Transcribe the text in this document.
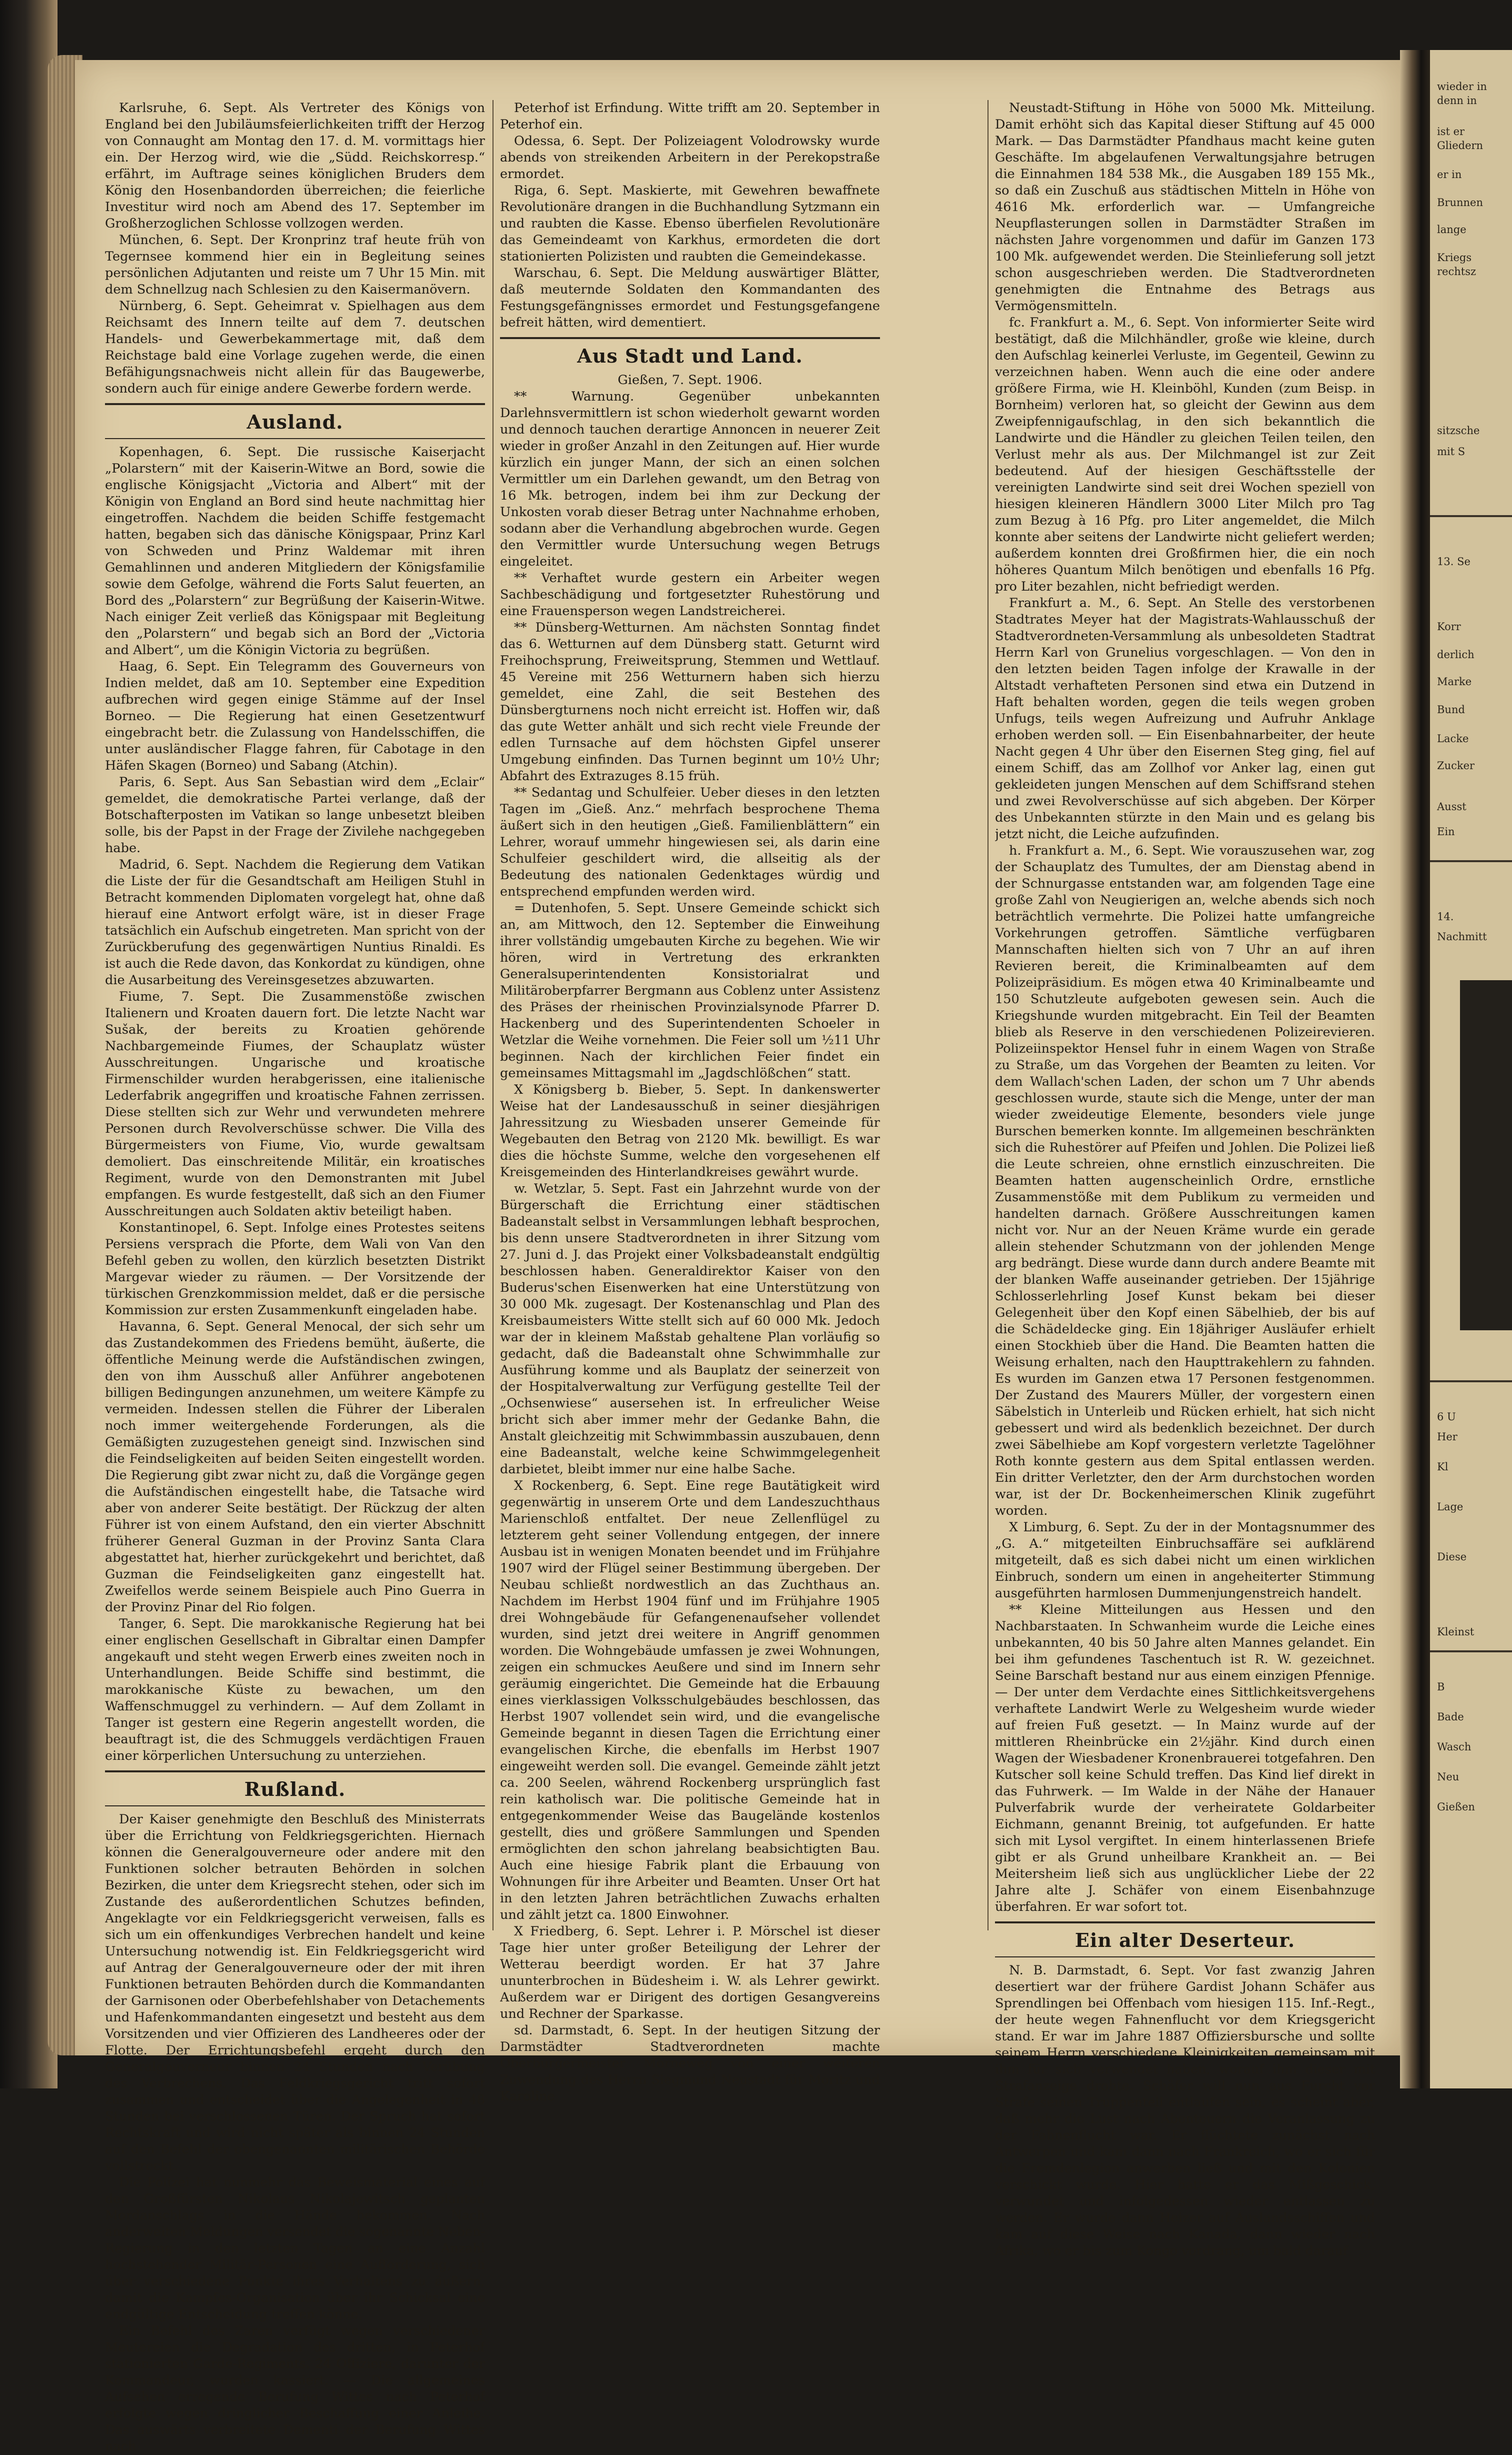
Karlsruhe, 6. Sept. Als Vertreter des Königs von England bei den Jubiläumsfeierlichkeiten trifft der Herzog von Connaught am Montag den 17. d. M. vormittags hier ein. Der Herzog wird, wie die „Südd. Reichskorresp.“ erfährt, im Auftrage seines königlichen Bruders dem König den Hosenbandorden überreichen; die feierliche Investitur wird noch am Abend des 17. September im Großherzoglichen Schlosse vollzogen werden.

München, 6. Sept. Der Kronprinz traf heute früh von Tegernsee kommend hier ein in Begleitung seines persönlichen Adjutanten und reiste um 7 Uhr 15 Min. mit dem Schnellzug nach Schlesien zu den Kaisermanövern.

Nürnberg, 6. Sept. Geheimrat v. Spielhagen aus dem Reichsamt des Innern teilte auf dem 7. deutschen Handels- und Gewerbekammertage mit, daß dem Reichstage bald eine Vorlage zugehen werde, die einen Befähigungsnachweis nicht allein für das Baugewerbe, sondern auch für einige andere Gewerbe fordern werde.

Ausland.

Kopenhagen, 6. Sept. Die russische Kaiserjacht „Polarstern“ mit der Kaiserin-Witwe an Bord, sowie die englische Königsjacht „Victoria and Albert“ mit der Königin von England an Bord sind heute nachmittag hier eingetroffen. Nachdem die beiden Schiffe festgemacht hatten, begaben sich das dänische Königspaar, Prinz Karl von Schweden und Prinz Waldemar mit ihren Gemahlinnen und anderen Mitgliedern der Königsfamilie sowie dem Gefolge, während die Forts Salut feuerten, an Bord des „Polarstern“ zur Begrüßung der Kaiserin-Witwe. Nach einiger Zeit verließ das Königspaar mit Begleitung den „Polarstern“ und begab sich an Bord der „Victoria and Albert“, um die Königin Victoria zu begrüßen.

Haag, 6. Sept. Ein Telegramm des Gouverneurs von Indien meldet, daß am 10. September eine Expedition aufbrechen wird gegen einige Stämme auf der Insel Borneo. — Die Regierung hat einen Gesetzentwurf eingebracht betr. die Zulassung von Handelsschiffen, die unter ausländischer Flagge fahren, für Cabotage in den Häfen Skagen (Borneo) und Sabang (Atchin).

Paris, 6. Sept. Aus San Sebastian wird dem „Eclair“ gemeldet, die demokratische Partei verlange, daß der Botschafterposten im Vatikan so lange unbesetzt bleiben solle, bis der Papst in der Frage der Zivilehe nachgegeben habe.

Madrid, 6. Sept. Nachdem die Regierung dem Vatikan die Liste der für die Gesandtschaft am Heiligen Stuhl in Betracht kommenden Diplomaten vorgelegt hat, ohne daß hierauf eine Antwort erfolgt wäre, ist in dieser Frage tatsächlich ein Aufschub eingetreten. Man spricht von der Zurückberufung des gegenwärtigen Nuntius Rinaldi. Es ist auch die Rede davon, das Konkordat zu kündigen, ohne die Ausarbeitung des Vereinsgesetzes abzuwarten.

Fiume, 7. Sept. Die Zusammenstöße zwischen Italienern und Kroaten dauern fort. Die letzte Nacht war Sušak, der bereits zu Kroatien gehörende Nachbargemeinde Fiumes, der Schauplatz wüster Ausschreitungen. Ungarische und kroatische Firmenschilder wurden herabgerissen, eine italienische Lederfabrik angegriffen und kroatische Fahnen zerrissen. Diese stellten sich zur Wehr und verwundeten mehrere Personen durch Revolverschüsse schwer. Die Villa des Bürgermeisters von Fiume, Vio, wurde gewaltsam demoliert. Das einschreitende Militär, ein kroatisches Regiment, wurde von den Demonstranten mit Jubel empfangen. Es wurde festgestellt, daß sich an den Fiumer Ausschreitungen auch Soldaten aktiv beteiligt haben.

Konstantinopel, 6. Sept. Infolge eines Protestes seitens Persiens versprach die Pforte, dem Wali von Van den Befehl geben zu wollen, den kürzlich besetzten Distrikt Margevar wieder zu räumen. — Der Vorsitzende der türkischen Grenzkommission meldet, daß er die persische Kommission zur ersten Zusammenkunft eingeladen habe.

Havanna, 6. Sept. General Menocal, der sich sehr um das Zustandekommen des Friedens bemüht, äußerte, die öffentliche Meinung werde die Aufständischen zwingen, den von ihm Ausschuß aller Anführer angebotenen billigen Bedingungen anzunehmen, um weitere Kämpfe zu vermeiden. Indessen stellen die Führer der Liberalen noch immer weitergehende Forderungen, als die Gemäßigten zuzugestehen geneigt sind. Inzwischen sind die Feindseligkeiten auf beiden Seiten eingestellt worden. Die Regierung gibt zwar nicht zu, daß die Vorgänge gegen die Aufständischen eingestellt habe, die Tatsache wird aber von anderer Seite bestätigt. Der Rückzug der alten Führer ist von einem Aufstand, den ein vierter Abschnitt früherer General Guzman in der Provinz Santa Clara abgestattet hat, hierher zurückgekehrt und berichtet, daß Guzman die Feindseligkeiten ganz eingestellt hat. Zweifellos werde seinem Beispiele auch Pino Guerra in der Provinz Pinar del Rio folgen.

Tanger, 6. Sept. Die marokkanische Regierung hat bei einer englischen Gesellschaft in Gibraltar einen Dampfer angekauft und steht wegen Erwerb eines zweiten noch in Unterhandlungen. Beide Schiffe sind bestimmt, die marokkanische Küste zu bewachen, um den Waffenschmuggel zu verhindern. — Auf dem Zollamt in Tanger ist gestern eine Regerin angestellt worden, die beauftragt ist, die des Schmuggels verdächtigen Frauen einer körperlichen Untersuchung zu unterziehen.

Rußland.

Der Kaiser genehmigte den Beschluß des Ministerrats über die Errichtung von Feldkriegsgerichten. Hiernach können die Generalgouverneure oder andere mit den Funktionen solcher betrauten Behörden in solchen Bezirken, die unter dem Kriegsrecht stehen, oder sich im Zustande des außerordentlichen Schutzes befinden, Angeklagte vor ein Feldkriegsgericht verweisen, falls es sich um ein offenkundiges Verbrechen handelt und keine Untersuchung notwendig ist. Ein Feldkriegsgericht wird auf Antrag der Generalgouverneure oder der mit ihren Funktionen betrauten Behörden durch die Kommandanten der Garnisonen oder Oberbefehlshaber von Detachements und Hafenkommandanten eingesetzt und besteht aus dem Vorsitzenden und vier Offizieren des Landheeres oder der Flotte. Der Errichtungsbefehl ergeht durch den Generalgouverneur binnen 24 Stunden nach Verübung des Verbrechens. Das Feldkriegsgericht tritt sofort zusammen und entscheidet über die Angelegenheit in 48 Stunden bei verschlossenen Türen. Der Spruch hat sofort Rechtskraft und wird nicht später als binnen 24 Stunden auf den Befehl der obengenannten militärischen Behörde vollstreckt.

Die Polizei hat nunmehr das Beweismaterial eines auf den Großfürsten Nikolaus Nikolajewitsch geplanten Mordanschlags in die Hände bekommen. Nach anderweiten Meldungen versendet die sogenannte Neben-Regierung in den letzten Tagen an eine Anzahl hochstehender Militär-Personen eine Aufforderung, sich über verschiedene Punkte ihres Verhaltens zu äußern, damit die Kampfes-Organisation über ihr Schicksal eine endgültige Entscheidung treffen könne.

Ein Befehl des Zaren verfügt wegen verschiedener Meutereien die Degradation des dritten, in Peterhof stationierten Garde-Regiments. 24 Offiziere, darunter der Kommandeur, wurden kassiert. — Die allgemeines Aufsehen erregende Berufung Wittes nach Peterhof erfolgte wegen dringlicher Beschaffung einer Anleihe. Das auswärts verbreitete Dementi der Berufung Wittes nach

Peterhof ist Erfindung. Witte trifft am 20. September in Peterhof ein.

Odessa, 6. Sept. Der Polizeiagent Volodrowsky wurde abends von streikenden Arbeitern in der Perekopstraße ermordet.

Riga, 6. Sept. Maskierte, mit Gewehren bewaffnete Revolutionäre drangen in die Buchhandlung Sytzmann ein und raubten die Kasse. Ebenso überfielen Revolutionäre das Gemeindeamt von Karkhus, ermordeten die dort stationierten Polizisten und raubten die Gemeindekasse.

Warschau, 6. Sept. Die Meldung auswärtiger Blätter, daß meuternde Soldaten den Kommandanten des Festungsgefängnisses ermordet und Festungsgefangene befreit hätten, wird dementiert.

Aus Stadt und Land.
Gießen, 7. Sept. 1906.

** Warnung. Gegenüber unbekannten Darlehnsvermittlern ist schon wiederholt gewarnt worden und dennoch tauchen derartige Annoncen in neuerer Zeit wieder in großer Anzahl in den Zeitungen auf. Hier wurde kürzlich ein junger Mann, der sich an einen solchen Vermittler um ein Darlehen gewandt, um den Betrag von 16 Mk. betrogen, indem bei ihm zur Deckung der Unkosten vorab dieser Betrag unter Nachnahme erhoben, sodann aber die Verhandlung abgebrochen wurde. Gegen den Vermittler wurde Untersuchung wegen Betrugs eingeleitet.

** Verhaftet wurde gestern ein Arbeiter wegen Sachbeschädigung und fortgesetzter Ruhestörung und eine Frauensperson wegen Landstreicherei.

** Dünsberg-Wetturnen. Am nächsten Sonntag findet das 6. Wetturnen auf dem Dünsberg statt. Geturnt wird Freihochsprung, Freiweitsprung, Stemmen und Wettlauf. 45 Vereine mit 256 Wetturnern haben sich hierzu gemeldet, eine Zahl, die seit Bestehen des Dünsbergturnens noch nicht erreicht ist. Hoffen wir, daß das gute Wetter anhält und sich recht viele Freunde der edlen Turnsache auf dem höchsten Gipfel unserer Umgebung einfinden. Das Turnen beginnt um 10½ Uhr; Abfahrt des Extrazuges 8.15 früh.

** Sedantag und Schulfeier. Ueber dieses in den letzten Tagen im „Gieß. Anz.“ mehrfach besprochene Thema äußert sich in den heutigen „Gieß. Familienblättern“ ein Lehrer, worauf ummehr hingewiesen sei, als darin eine Schulfeier geschildert wird, die allseitig als der Bedeutung des nationalen Gedenktages würdig und entsprechend empfunden werden wird.

= Dutenhofen, 5. Sept. Unsere Gemeinde schickt sich an, am Mittwoch, den 12. September die Einweihung ihrer vollständig umgebauten Kirche zu begehen. Wie wir hören, wird in Vertretung des erkrankten Generalsuperintendenten Konsistorialrat und Militäroberpfarrer Bergmann aus Coblenz unter Assistenz des Präses der rheinischen Provinzialsynode Pfarrer D. Hackenberg und des Superintendenten Schoeler in Wetzlar die Weihe vornehmen. Die Feier soll um ½11 Uhr beginnen. Nach der kirchlichen Feier findet ein gemeinsames Mittagsmahl im „Jagdschlößchen“ statt.

X Königsberg b. Bieber, 5. Sept. In dankenswerter Weise hat der Landesausschuß in seiner diesjährigen Jahressitzung zu Wiesbaden unserer Gemeinde für Wegebauten den Betrag von 2120 Mk. bewilligt. Es war dies die höchste Summe, welche den vorgesehenen elf Kreisgemeinden des Hinterlandkreises gewährt wurde.

w. Wetzlar, 5. Sept. Fast ein Jahrzehnt wurde von der Bürgerschaft die Errichtung einer städtischen Badeanstalt selbst in Versammlungen lebhaft besprochen, bis denn unsere Stadtverordneten in ihrer Sitzung vom 27. Juni d. J. das Projekt einer Volksbadeanstalt endgültig beschlossen haben. Generaldirektor Kaiser von den Buderus'schen Eisenwerken hat eine Unterstützung von 30 000 Mk. zugesagt. Der Kostenanschlag und Plan des Kreisbaumeisters Witte stellt sich auf 60 000 Mk. Jedoch war der in kleinem Maßstab gehaltene Plan vorläufig so gedacht, daß die Badeanstalt ohne Schwimmhalle zur Ausführung komme und als Bauplatz der seinerzeit von der Hospitalverwaltung zur Verfügung gestellte Teil der „Ochsenwiese“ ausersehen ist. In erfreulicher Weise bricht sich aber immer mehr der Gedanke Bahn, die Anstalt gleichzeitig mit Schwimmbassin auszubauen, denn eine Badeanstalt, welche keine Schwimmgelegenheit darbietet, bleibt immer nur eine halbe Sache.

X Rockenberg, 6. Sept. Eine rege Bautätigkeit wird gegenwärtig in unserem Orte und dem Landeszuchthaus Marienschloß entfaltet. Der neue Zellenflügel zu letzterem geht seiner Vollendung entgegen, der innere Ausbau ist in wenigen Monaten beendet und im Frühjahre 1907 wird der Flügel seiner Bestimmung übergeben. Der Neubau schließt nordwestlich an das Zuchthaus an. Nachdem im Herbst 1904 fünf und im Frühjahre 1905 drei Wohngebäude für Gefangenenaufseher vollendet wurden, sind jetzt drei weitere in Angriff genommen worden. Die Wohngebäude umfassen je zwei Wohnungen, zeigen ein schmuckes Aeußere und sind im Innern sehr geräumig eingerichtet. Die Gemeinde hat die Erbauung eines vierklassigen Volksschulgebäudes beschlossen, das Herbst 1907 vollendet sein wird, und die evangelische Gemeinde begannt in diesen Tagen die Errichtung einer evangelischen Kirche, die ebenfalls im Herbst 1907 eingeweiht werden soll. Die evangel. Gemeinde zählt jetzt ca. 200 Seelen, während Rockenberg ursprünglich fast rein katholisch war. Die politische Gemeinde hat in entgegenkommender Weise das Baugelände kostenlos gestellt, dies und größere Sammlungen und Spenden ermöglichten den schon jahrelang beabsichtigten Bau. Auch eine hiesige Fabrik plant die Erbauung von Wohnungen für ihre Arbeiter und Beamten. Unser Ort hat in den letzten Jahren beträchtlichen Zuwachs erhalten und zählt jetzt ca. 1800 Einwohner.

X Friedberg, 6. Sept. Lehrer i. P. Mörschel ist dieser Tage hier unter großer Beteiligung der Lehrer der Wetterau beerdigt worden. Er hat 37 Jahre ununterbrochen in Büdesheim i. W. als Lehrer gewirkt. Außerdem war er Dirigent des dortigen Gesangvereins und Rechner der Sparkasse.

sd. Darmstadt, 6. Sept. In der heutigen Sitzung der Darmstädter Stadtverordneten machte Oberbürgermeister Morneweg von einer weiteren Zuwendung des Herrn Siegmund Neustadt für Moritz und Karoline

Neustadt-Stiftung in Höhe von 5000 Mk. Mitteilung. Damit erhöht sich das Kapital dieser Stiftung auf 45 000 Mark. — Das Darmstädter Pfandhaus macht keine guten Geschäfte. Im abgelaufenen Verwaltungsjahre betrugen die Einnahmen 184 538 Mk., die Ausgaben 189 155 Mk., so daß ein Zuschuß aus städtischen Mitteln in Höhe von 4616 Mk. erforderlich war. — Umfangreiche Neupflasterungen sollen in Darmstädter Straßen im nächsten Jahre vorgenommen und dafür im Ganzen 173 100 Mk. aufgewendet werden. Die Steinlieferung soll jetzt schon ausgeschrieben werden. Die Stadtverordneten genehmigten die Entnahme des Betrags aus Vermögensmitteln.

fc. Frankfurt a. M., 6. Sept. Von informierter Seite wird bestätigt, daß die Milchhändler, große wie kleine, durch den Aufschlag keinerlei Verluste, im Gegenteil, Gewinn zu verzeichnen haben. Wenn auch die eine oder andere größere Firma, wie H. Kleinböhl, Kunden (zum Beisp. in Bornheim) verloren hat, so gleicht der Gewinn aus dem Zweipfennigaufschlag, in den sich bekanntlich die Landwirte und die Händler zu gleichen Teilen teilen, den Verlust mehr als aus. Der Milchmangel ist zur Zeit bedeutend. Auf der hiesigen Geschäftsstelle der vereinigten Landwirte sind seit drei Wochen speziell von hiesigen kleineren Händlern 3000 Liter Milch pro Tag zum Bezug à 16 Pfg. pro Liter angemeldet, die Milch konnte aber seitens der Landwirte nicht geliefert werden; außerdem konnten drei Großfirmen hier, die ein noch höheres Quantum Milch benötigen und ebenfalls 16 Pfg. pro Liter bezahlen, nicht befriedigt werden.

Frankfurt a. M., 6. Sept. An Stelle des verstorbenen Stadtrates Meyer hat der Magistrats-Wahlausschuß der Stadtverordneten-Versammlung als unbesoldeten Stadtrat Herrn Karl von Grunelius vorgeschlagen. — Von den in den letzten beiden Tagen infolge der Krawalle in der Altstadt verhafteten Personen sind etwa ein Dutzend in Haft behalten worden, gegen die teils wegen groben Unfugs, teils wegen Aufreizung und Aufruhr Anklage erhoben werden soll. — Ein Eisenbahnarbeiter, der heute Nacht gegen 4 Uhr über den Eisernen Steg ging, fiel auf einem Schiff, das am Zollhof vor Anker lag, einen gut gekleideten jungen Menschen auf dem Schiffsrand stehen und zwei Revolverschüsse auf sich abgeben. Der Körper des Unbekannten stürzte in den Main und es gelang bis jetzt nicht, die Leiche aufzufinden.

h. Frankfurt a. M., 6. Sept. Wie vorauszusehen war, zog der Schauplatz des Tumultes, der am Dienstag abend in der Schnurgasse entstanden war, am folgenden Tage eine große Zahl von Neugierigen an, welche abends sich noch beträchtlich vermehrte. Die Polizei hatte umfangreiche Vorkehrungen getroffen. Sämtliche verfügbaren Mannschaften hielten sich von 7 Uhr an auf ihren Revieren bereit, die Kriminalbeamten auf dem Polizeipräsidium. Es mögen etwa 40 Kriminalbeamte und 150 Schutzleute aufgeboten gewesen sein. Auch die Kriegshunde wurden mitgebracht. Ein Teil der Beamten blieb als Reserve in den verschiedenen Polizeirevieren. Polizeiinspektor Hensel fuhr in einem Wagen von Straße zu Straße, um das Vorgehen der Beamten zu leiten. Vor dem Wallach'schen Laden, der schon um 7 Uhr abends geschlossen wurde, staute sich die Menge, unter der man wieder zweideutige Elemente, besonders viele junge Burschen bemerken konnte. Im allgemeinen beschränkten sich die Ruhestörer auf Pfeifen und Johlen. Die Polizei ließ die Leute schreien, ohne ernstlich einzuschreiten. Die Beamten hatten augenscheinlich Ordre, ernstliche Zusammenstöße mit dem Publikum zu vermeiden und handelten darnach. Größere Ausschreitungen kamen nicht vor. Nur an der Neuen Kräme wurde ein gerade allein stehender Schutzmann von der johlenden Menge arg bedrängt. Diese wurde dann durch andere Beamte mit der blanken Waffe auseinander getrieben. Der 15jährige Schlosserlehrling Josef Kunst bekam bei dieser Gelegenheit über den Kopf einen Säbelhieb, der bis auf die Schädeldecke ging. Ein 18jähriger Ausläufer erhielt einen Stockhieb über die Hand. Die Beamten hatten die Weisung erhalten, nach den Haupttrakehlern zu fahnden. Es wurden im Ganzen etwa 17 Personen festgenommen. Der Zustand des Maurers Müller, der vorgestern einen Säbelstich in Unterleib und Rücken erhielt, hat sich nicht gebessert und wird als bedenklich bezeichnet. Der durch zwei Säbelhiebe am Kopf vorgestern verletzte Tagelöhner Roth konnte gestern aus dem Spital entlassen werden. Ein dritter Verletzter, den der Arm durchstochen worden war, ist der Dr. Bockenheimerschen Klinik zugeführt worden.

X Limburg, 6. Sept. Zu der in der Montagsnummer des „G. A.“ mitgeteilten Einbruchsaffäre sei aufklärend mitgeteilt, daß es sich dabei nicht um einen wirklichen Einbruch, sondern um einen in angeheiterter Stimmung ausgeführten harmlosen Dummenjungenstreich handelt.

** Kleine Mitteilungen aus Hessen und den Nachbarstaaten. In Schwanheim wurde die Leiche eines unbekannten, 40 bis 50 Jahre alten Mannes gelandet. Ein bei ihm gefundenes Taschentuch ist R. W. gezeichnet. Seine Barschaft bestand nur aus einem einzigen Pfennige. — Der unter dem Verdachte eines Sittlichkeitsvergehens verhaftete Landwirt Werle zu Welgesheim wurde wieder auf freien Fuß gesetzt. — In Mainz wurde auf der mittleren Rheinbrücke ein 2½jähr. Kind durch einen Wagen der Wiesbadener Kronenbrauerei totgefahren. Den Kutscher soll keine Schuld treffen. Das Kind lief direkt in das Fuhrwerk. — Im Walde in der Nähe der Hanauer Pulverfabrik wurde der verheiratete Goldarbeiter Eichmann, genannt Breinig, tot aufgefunden. Er hatte sich mit Lysol vergiftet. In einem hinterlassenen Briefe gibt er als Grund unheilbare Krankheit an. — Bei Meitersheim ließ sich aus unglücklicher Liebe der 22 Jahre alte J. Schäfer von einem Eisenbahnzuge überfahren. Er war sofort tot.

Ein alter Deserteur.

N. B. Darmstadt, 6. Sept. Vor fast zwanzig Jahren desertiert war der frühere Gardist Johann Schäfer aus Sprendlingen bei Offenbach vom hiesigen 115. Inf.-Regt., der heute wegen Fahnenflucht vor dem Kriegsgericht stand. Er war im Jahre 1887 Offiziersbursche und sollte seinem Herrn verschiedene Kleinigkeiten gemeinsam mit ihm für sich verwendet haben, worauf ihm dieser mit Strafanzeige drohte. Schäfer will nun aus Furcht vor Strafe seinen Truppenteil entlaufen sein, es scheint aber, daß mehr die Lust nach Abenteuern die Veranlassung zu der Fahnenflucht war. Er flüchtete zunächst nach Antwerpen und kam dann nach Frankreich, wo er sich für die Fremdenlegion anwerben ließ und mit den Kolonien verschickt wurde. Hier hatte er das Mißgeschick, verwundet und infolgedessen wieder entlassen zu werden. Er wurde dann Heizer auf Auslandsschiffen und kam auf diese Weise nach Kanada, dann wieder nach Afrika, wo er bis zum Kongo vordrang, um bald darauf

wieder in
denn in
ist er
Gliedern
er in
Brunnen
lange
Kriegs
rechtsz
sitzsche
mit S
13. Se
Korr
derlich
Marke
Bund
Lacke
Zucker
Ausst
Ein
14.
Nachmitt
6 U
Her
Kl
Lage
Diese
Kleinst
B
Bade
Wasch
Neu
Gießen
